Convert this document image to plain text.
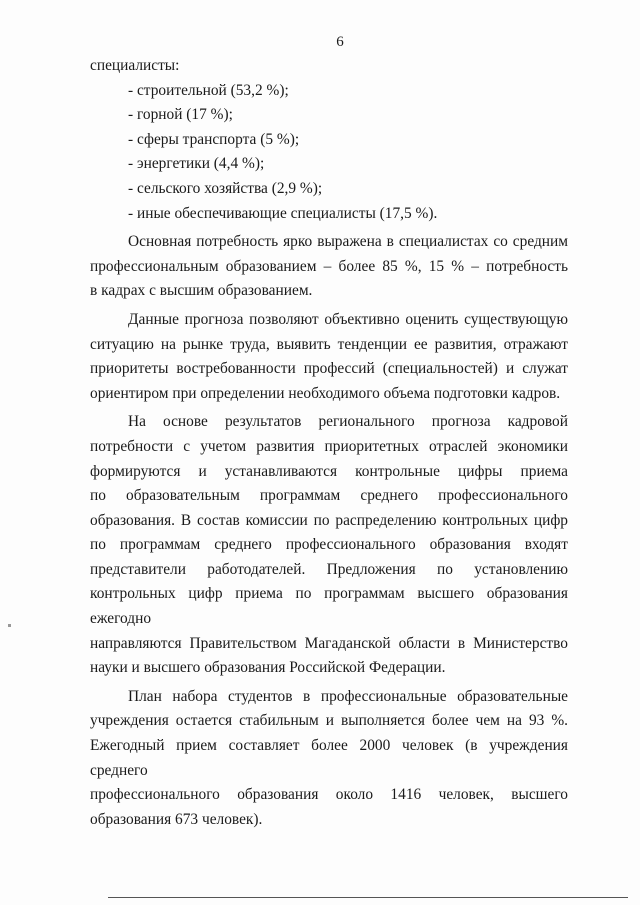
6
специалисты:
- строительной (53,2 %);
- горной (17 %);
- сферы транспорта (5 %);
- энергетики (4,4 %);
- сельского хозяйства (2,9 %);
- иные обеспечивающие специалисты (17,5 %).
Основная потребность ярко выражена в специалистах со средним
профессиональным образованием – более 85 %, 15 % – потребность
в кадрах с высшим образованием.
Данные прогноза позволяют объективно оценить существующую
ситуацию на рынке труда, выявить тенденции ее развития, отражают
приоритеты востребованности профессий (специальностей) и служат
ориентиром при определении необходимого объема подготовки кадров.
На основе результатов регионального прогноза кадровой
потребности с учетом развития приоритетных отраслей экономики
формируются и устанавливаются контрольные цифры приема
по образовательным программам среднего профессионального
образования. В состав комиссии по распределению контрольных цифр
по программам среднего профессионального образования входят
представители работодателей. Предложения по установлению
контрольных цифр приема по программам высшего образования ежегодно
направляются Правительством Магаданской области в Министерство
науки и высшего образования Российской Федерации.
План набора студентов в профессиональные образовательные
учреждения остается стабильным и выполняется более чем на 93 %.
Ежегодный прием составляет более 2000 человек (в учреждения среднего
профессионального образования около 1416 человек, высшего
образования 673 человек).
